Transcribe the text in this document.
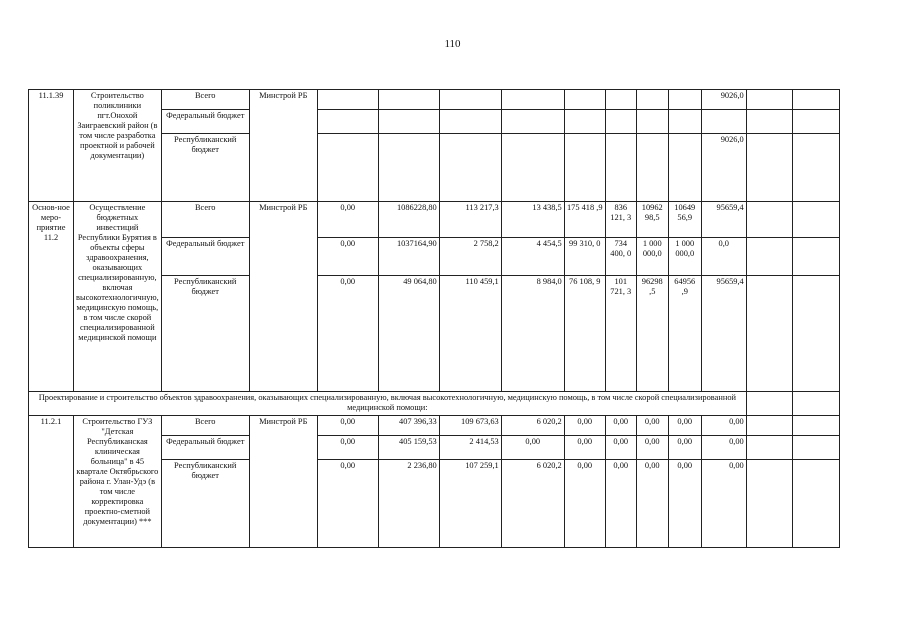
110
11.1.39	Строительство поликлиники пгт.Онохой Заиграевский район (в том числе разработка проектной и рабочей документации)	Всего	Минстрой РБ									9026,0		
		Федеральный бюджет												
		Республиканский бюджет										9026,0		
Основ-ное меро-приятие 11.2	Осуществление бюджетных инвестиций Республики Бурятия в объекты сферы здравоохранения, оказывающих специализированную, включая высокотехнологичную, медицинскую помощь, в том числе скорой специализированной медицинской помощи	Всего	Минстрой РБ	0,00	1086228,80	113 217,3	13 438,5	175 418 ,9	836 121, 3	10962 98,5	10649 56,9	95659,4		
		Федеральный бюджет		0,00	1037164,90	2 758,2	4 454,5	99 310, 0	734 400, 0	1 000 000,0	1 000 000,0	0,0		
		Республиканский бюджет		0,00	49 064,80	110 459,1	8 984,0	76 108, 9	101 721, 3	96298 ,5	64956 ,9	95659,4		
Проектирование и строительство объектов здравоохранения, оказывающих специализированную, включая высокотехнологичную, медицинскую помощь, в том числе скорой специализированной медицинской помощи:														
11.2.1	Строительство ГУЗ "Детская Республиканская клиническая больница" в 45 квартале Октябрьского района г. Улан-Удэ (в том числе корректировка проектно-сметной документации) ***	Всего	Минстрой РБ	0,00	407 396,33	109 673,63	6 020,2	0,00	0,00	0,00	0,00	0,00		
		Федеральный бюджет		0,00	405 159,53	2 414,53	0,00	0,00	0,00	0,00	0,00	0,00		
		Республиканский бюджет		0,00	2 236,80	107 259,1	6 020,2	0,00	0,00	0,00	0,00	0,00		
